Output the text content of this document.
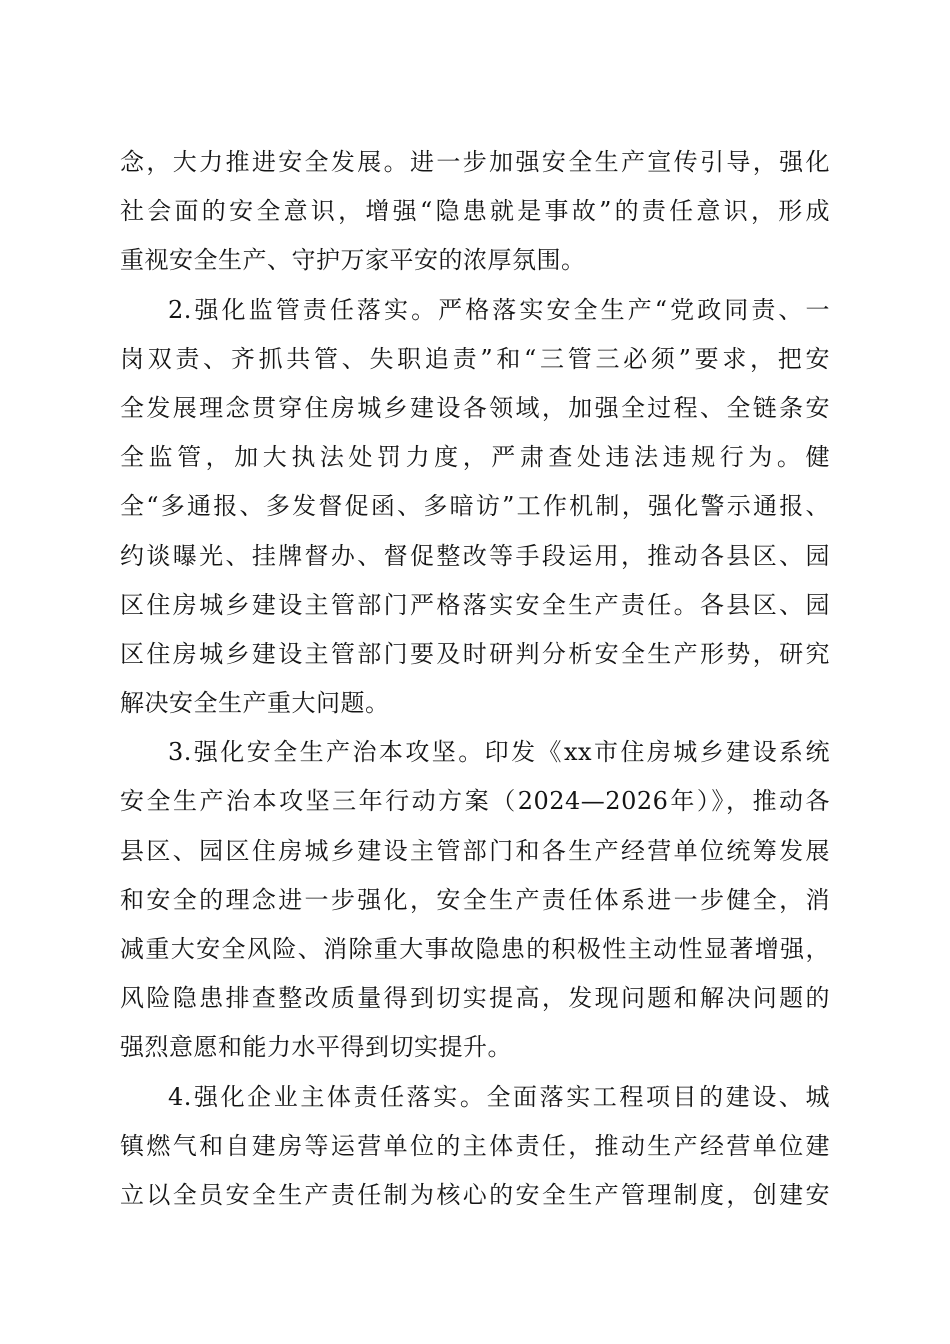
念，大力推进安全发展。进一步加强安全生产宣传引导，强化
社会面的安全意识，增强“隐患就是事故”的责任意识，形成
重视安全生产、守护万家平安的浓厚氛围。
2.强化监管责任落实。严格落实安全生产“党政同责、一
岗双责、齐抓共管、失职追责”和“三管三必须”要求，把安
全发展理念贯穿住房城乡建设各领域，加强全过程、全链条安
全监管，加大执法处罚力度，严肃查处违法违规行为。健
全“多通报、多发督促函、多暗访”工作机制，强化警示通报、
约谈曝光、挂牌督办、督促整改等手段运用，推动各县区、园
区住房城乡建设主管部门严格落实安全生产责任。各县区、园
区住房城乡建设主管部门要及时研判分析安全生产形势，研究
解决安全生产重大问题。
3.强化安全生产治本攻坚。印发《xx市住房城乡建设系统
安全生产治本攻坚三年行动方案（2024—2026年）》，推动各
县区、园区住房城乡建设主管部门和各生产经营单位统筹发展
和安全的理念进一步强化，安全生产责任体系进一步健全，消
减重大安全风险、消除重大事故隐患的积极性主动性显著增强，
风险隐患排查整改质量得到切实提高，发现问题和解决问题的
强烈意愿和能力水平得到切实提升。
4.强化企业主体责任落实。全面落实工程项目的建设、城
镇燃气和自建房等运营单位的主体责任，推动生产经营单位建
立以全员安全生产责任制为核心的安全生产管理制度，创建安
